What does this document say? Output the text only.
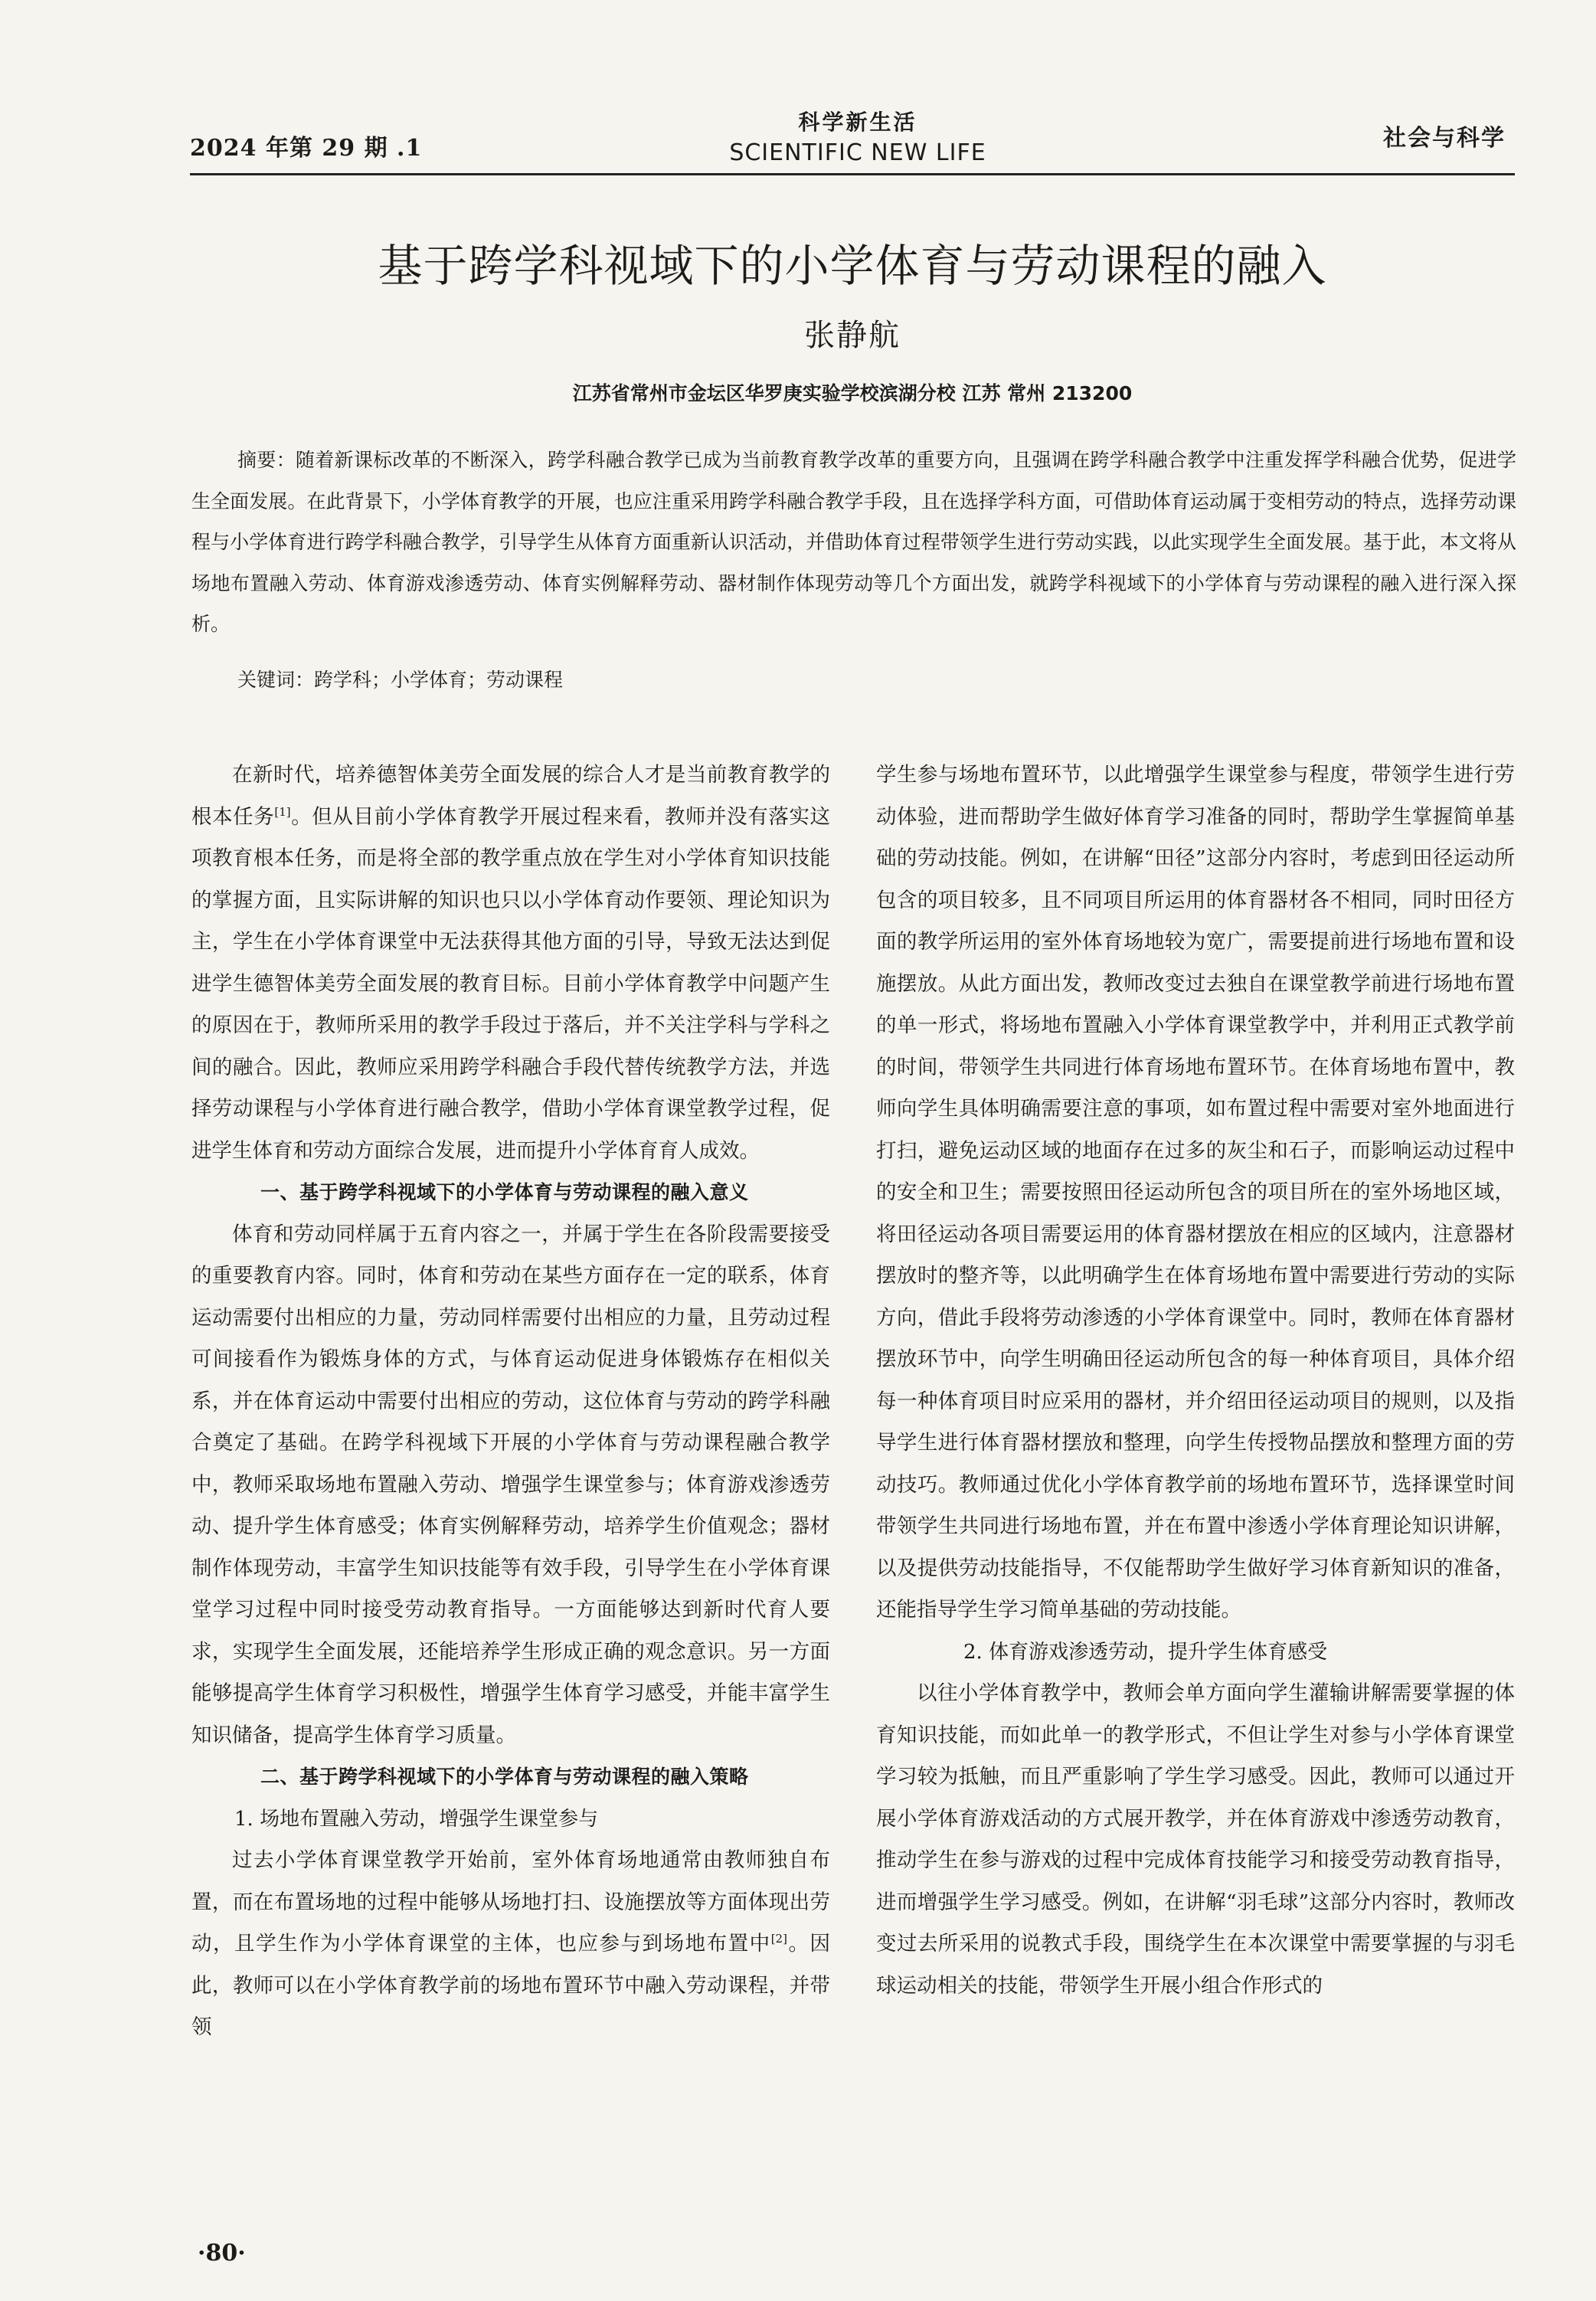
2024 年第 29 期 .1
科学新生活
SCIENTIFIC NEW LIFE
社会与科学
基于跨学科视域下的小学体育与劳动课程的融入
张静航
江苏省常州市金坛区华罗庚实验学校滨湖分校 江苏 常州 213200
摘要：随着新课标改革的不断深入，跨学科融合教学已成为当前教育教学改革的重要方向，且强调在跨学科融合教学中注重发挥学科融合优势，促进学生全面发展。在此背景下，小学体育教学的开展，也应注重采用跨学科融合教学手段，且在选择学科方面，可借助体育运动属于变相劳动的特点，选择劳动课程与小学体育进行跨学科融合教学，引导学生从体育方面重新认识活动，并借助体育过程带领学生进行劳动实践，以此实现学生全面发展。基于此，本文将从场地布置融入劳动、体育游戏渗透劳动、体育实例解释劳动、器材制作体现劳动等几个方面出发，就跨学科视域下的小学体育与劳动课程的融入进行深入探析。
关键词：跨学科；小学体育；劳动课程

在新时代，培养德智体美劳全面发展的综合人才是当前教育教学的根本任务[1]。但从目前小学体育教学开展过程来看，教师并没有落实这项教育根本任务，而是将全部的教学重点放在学生对小学体育知识技能的掌握方面，且实际讲解的知识也只以小学体育动作要领、理论知识为主，学生在小学体育课堂中无法获得其他方面的引导，导致无法达到促进学生德智体美劳全面发展的教育目标。目前小学体育教学中问题产生的原因在于，教师所采用的教学手段过于落后，并不关注学科与学科之间的融合。因此，教师应采用跨学科融合手段代替传统教学方法，并选择劳动课程与小学体育进行融合教学，借助小学体育课堂教学过程，促进学生体育和劳动方面综合发展，进而提升小学体育育人成效。

一、基于跨学科视域下的小学体育与劳动课程的融入意义

体育和劳动同样属于五育内容之一，并属于学生在各阶段需要接受的重要教育内容。同时，体育和劳动在某些方面存在一定的联系，体育运动需要付出相应的力量，劳动同样需要付出相应的力量，且劳动过程可间接看作为锻炼身体的方式，与体育运动促进身体锻炼存在相似关系，并在体育运动中需要付出相应的劳动，这位体育与劳动的跨学科融合奠定了基础。在跨学科视域下开展的小学体育与劳动课程融合教学中，教师采取场地布置融入劳动、增强学生课堂参与；体育游戏渗透劳动、提升学生体育感受；体育实例解释劳动，培养学生价值观念；器材制作体现劳动，丰富学生知识技能等有效手段，引导学生在小学体育课堂学习过程中同时接受劳动教育指导。一方面能够达到新时代育人要求，实现学生全面发展，还能培养学生形成正确的观念意识。另一方面能够提高学生体育学习积极性，增强学生体育学习感受，并能丰富学生知识储备，提高学生体育学习质量。

二、基于跨学科视域下的小学体育与劳动课程的融入策略
1. 场地布置融入劳动，增强学生课堂参与

过去小学体育课堂教学开始前，室外体育场地通常由教师独自布置，而在布置场地的过程中能够从场地打扫、设施摆放等方面体现出劳动，且学生作为小学体育课堂的主体，也应参与到场地布置中[2]。因此，教师可以在小学体育教学前的场地布置环节中融入劳动课程，并带领

学生参与场地布置环节，以此增强学生课堂参与程度，带领学生进行劳动体验，进而帮助学生做好体育学习准备的同时，帮助学生掌握简单基础的劳动技能。例如，在讲解“田径”这部分内容时，考虑到田径运动所包含的项目较多，且不同项目所运用的体育器材各不相同，同时田径方面的教学所运用的室外体育场地较为宽广，需要提前进行场地布置和设施摆放。从此方面出发，教师改变过去独自在课堂教学前进行场地布置的单一形式，将场地布置融入小学体育课堂教学中，并利用正式教学前的时间，带领学生共同进行体育场地布置环节。在体育场地布置中，教师向学生具体明确需要注意的事项，如布置过程中需要对室外地面进行打扫，避免运动区域的地面存在过多的灰尘和石子，而影响运动过程中的安全和卫生；需要按照田径运动所包含的项目所在的室外场地区域，将田径运动各项目需要运用的体育器材摆放在相应的区域内，注意器材摆放时的整齐等，以此明确学生在体育场地布置中需要进行劳动的实际方向，借此手段将劳动渗透的小学体育课堂中。同时，教师在体育器材摆放环节中，向学生明确田径运动所包含的每一种体育项目，具体介绍每一种体育项目时应采用的器材，并介绍田径运动项目的规则，以及指导学生进行体育器材摆放和整理，向学生传授物品摆放和整理方面的劳动技巧。教师通过优化小学体育教学前的场地布置环节，选择课堂时间带领学生共同进行场地布置，并在布置中渗透小学体育理论知识讲解，以及提供劳动技能指导，不仅能帮助学生做好学习体育新知识的准备，还能指导学生学习简单基础的劳动技能。

2. 体育游戏渗透劳动，提升学生体育感受

以往小学体育教学中，教师会单方面向学生灌输讲解需要掌握的体育知识技能，而如此单一的教学形式，不但让学生对参与小学体育课堂学习较为抵触，而且严重影响了学生学习感受。因此，教师可以通过开展小学体育游戏活动的方式展开教学，并在体育游戏中渗透劳动教育，推动学生在参与游戏的过程中完成体育技能学习和接受劳动教育指导，进而增强学生学习感受。例如，在讲解“羽毛球”这部分内容时，教师改变过去所采用的说教式手段，围绕学生在本次课堂中需要掌握的与羽毛球运动相关的技能，带领学生开展小组合作形式的

·80·
